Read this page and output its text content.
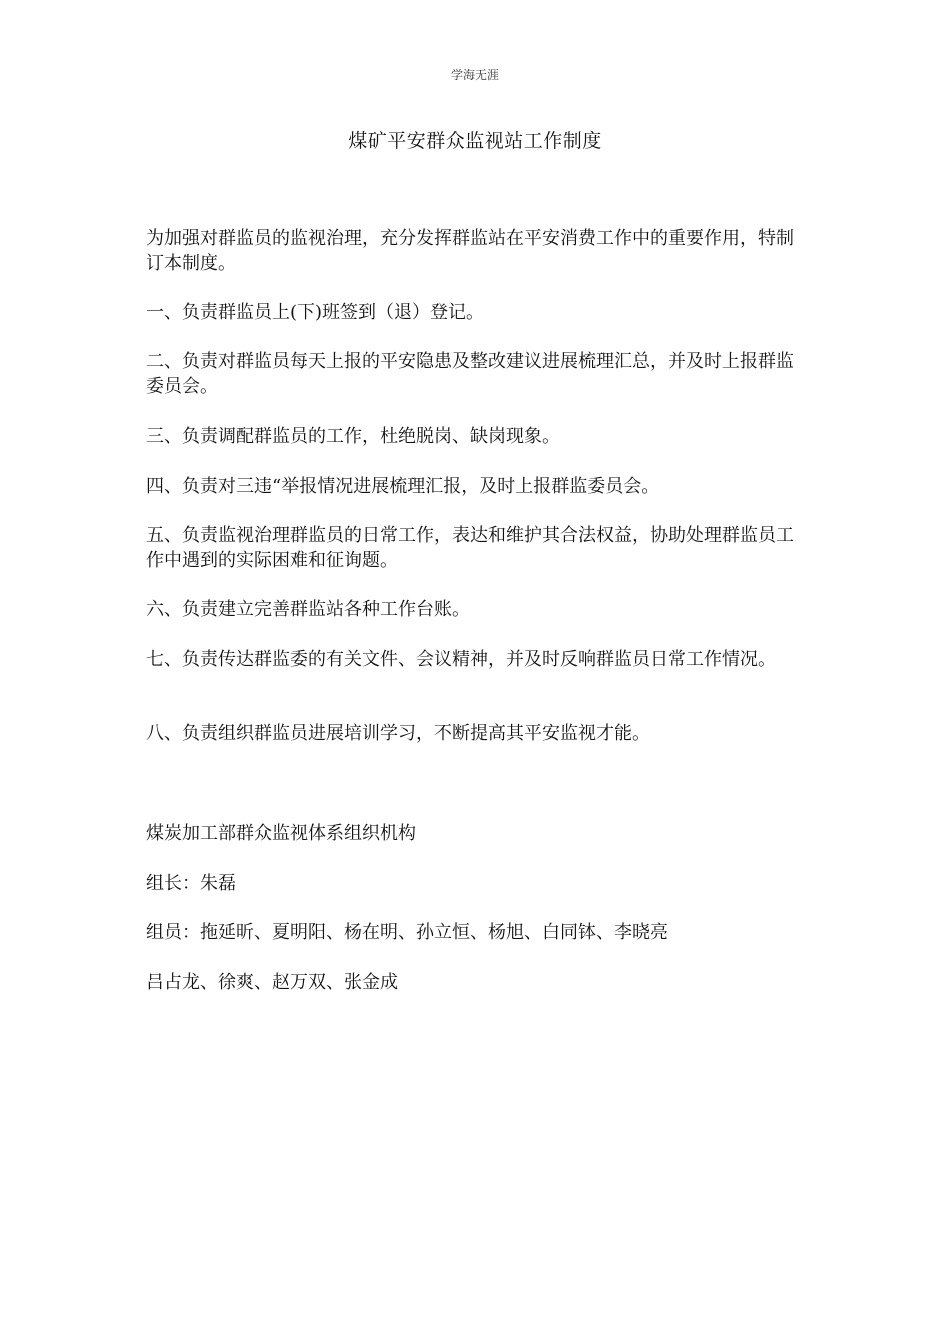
学海无涯
煤矿平安群众监视站工作制度
为加强对群监员的监视治理，充分发挥群监站在平安消费工作中的重要作用，特制订本制度。
一、负责群监员上(下)班签到（退）登记。
二、负责对群监员每天上报的平安隐患及整改建议进展梳理汇总，并及时上报群监委员会。
三、负责调配群监员的工作，杜绝脱岗、缺岗现象。
四、负责对三违“举报情况进展梳理汇报，及时上报群监委员会。
五、负责监视治理群监员的日常工作，表达和维护其合法权益，协助处理群监员工作中遇到的实际困难和征询题。
六、负责建立完善群监站各种工作台账。
七、负责传达群监委的有关文件、会议精神，并及时反响群监员日常工作情况。
八、负责组织群监员进展培训学习，不断提高其平安监视才能。
煤炭加工部群众监视体系组织机构
组长：朱磊
组员：拖延昕、夏明阳、杨在明、孙立恒、杨旭、白同钵、李晓亮
吕占龙、徐爽、赵万双、张金成
